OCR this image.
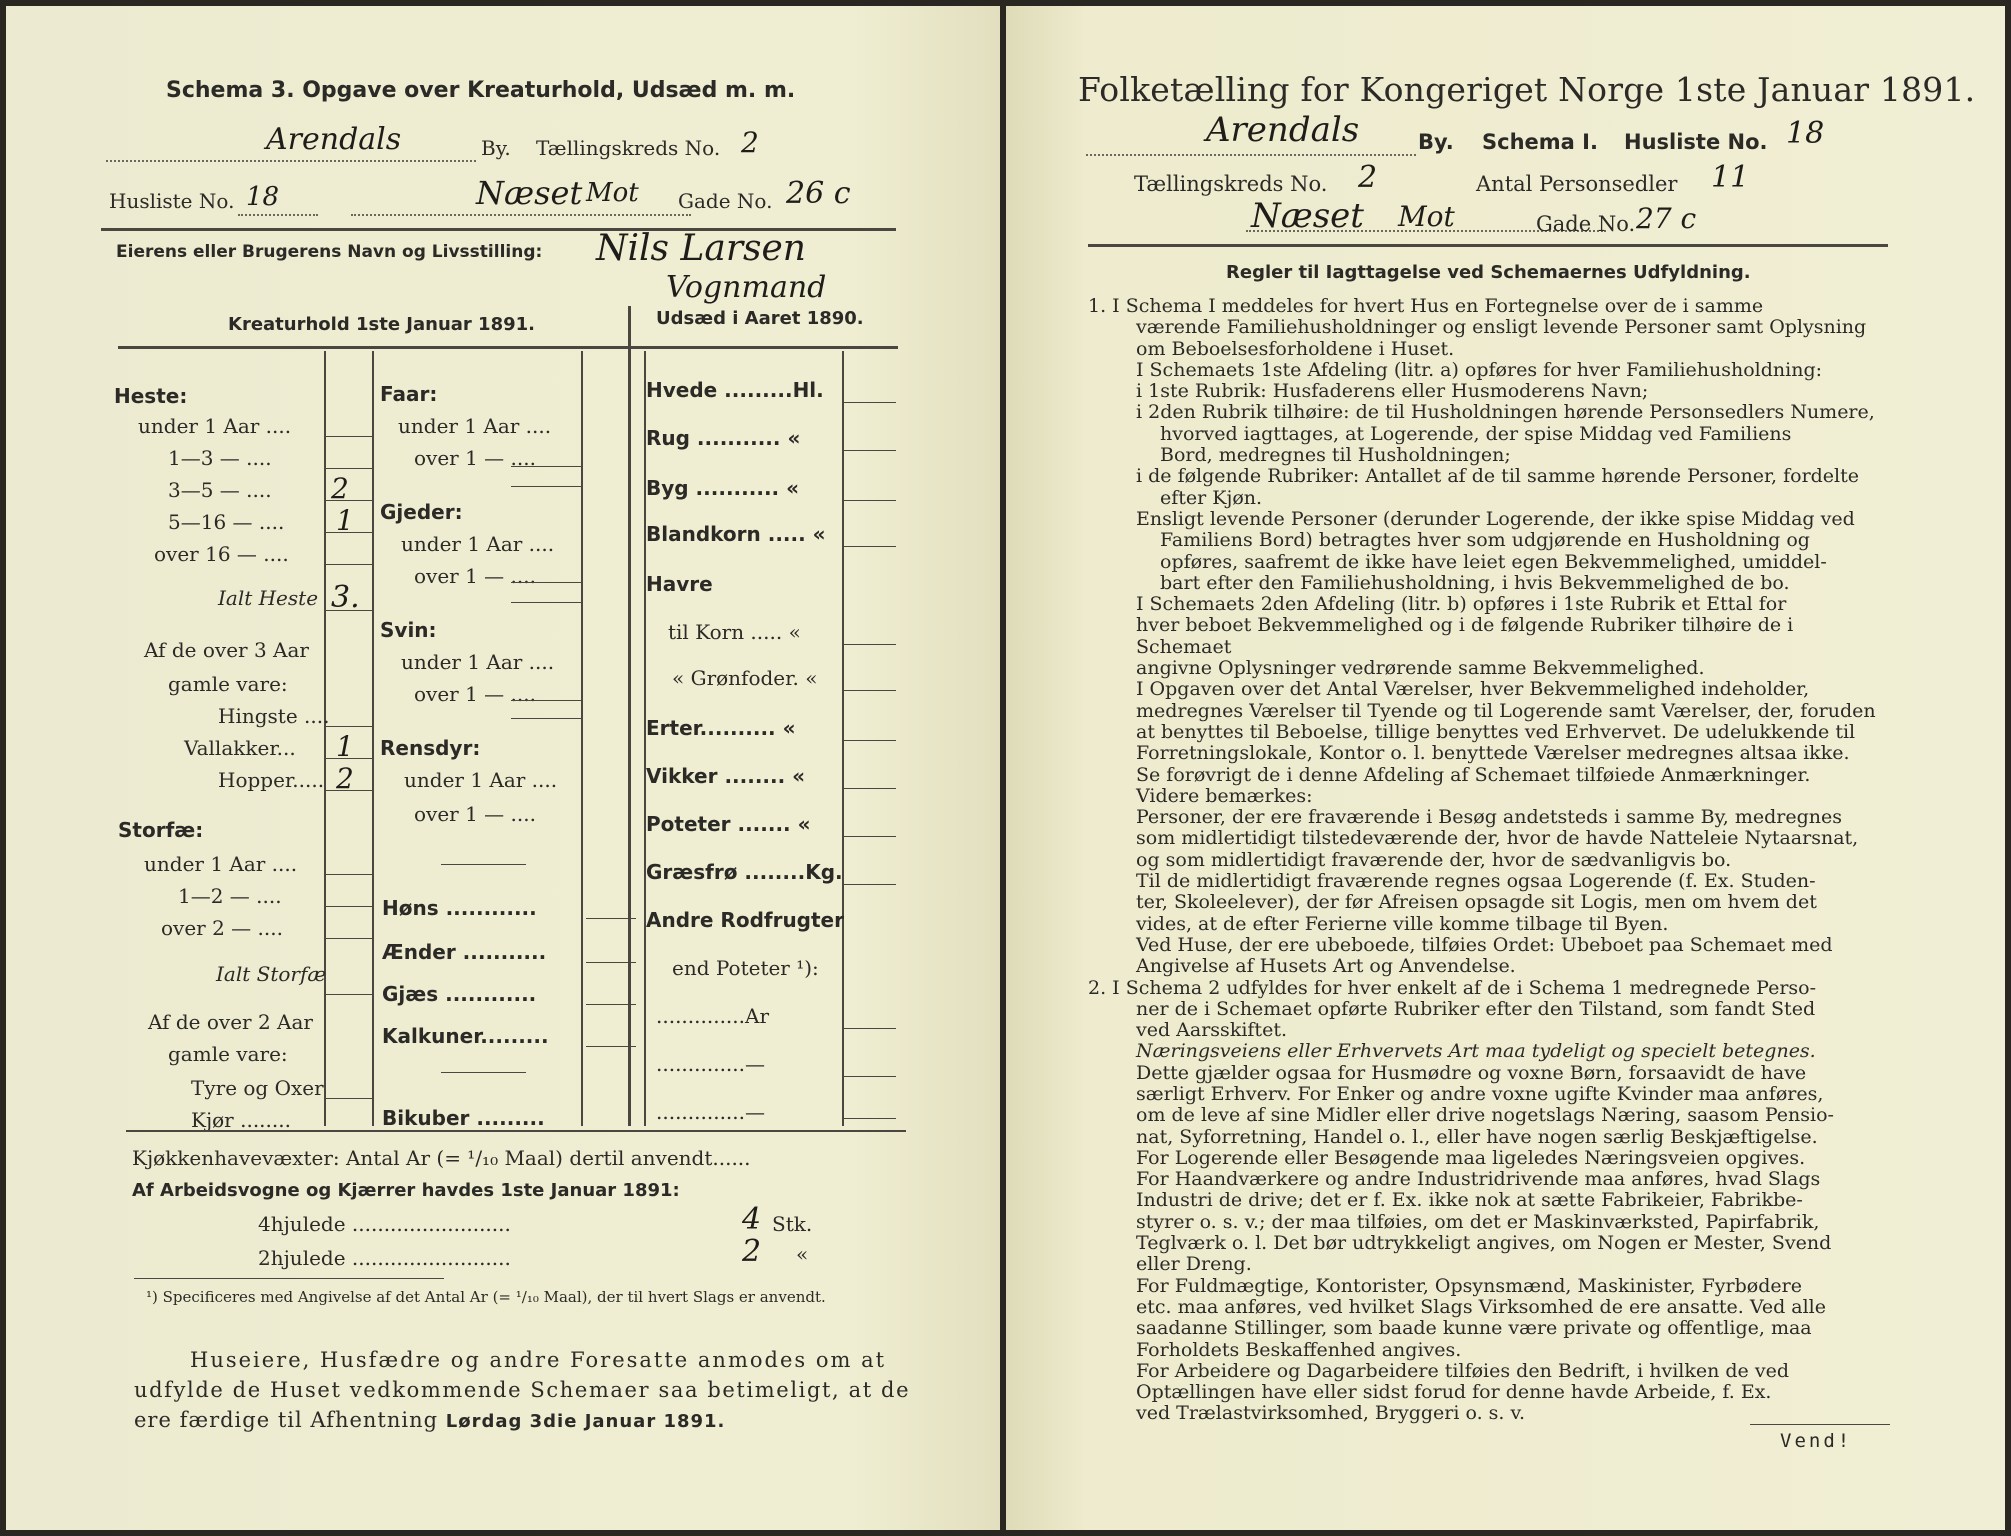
Schema 3. Opgave over Kreaturhold, Udsæd m. m.
Arendals	By. Tællingskreds No. 2
Husliste No. 18	Næset Mot Gade No. 26 c
Eierens eller Brugerens Navn og Livsstilling: Nils Larsen
Vognmand
Kreaturhold 1ste Januar 1891.	Udsæd i Aaret 1890.
Heste:
under 1 Aar ....
1—3 — ....
3—5 — .... 2
5—16 — .... 1
over 16 — ....
Ialt Heste 3.
Af de over 3 Aar
gamle vare:
Hingste ....
Vallakker... 1
Hopper..... 2
Storfæ:
under 1 Aar ....
1—2 — ....
over 2 — ....
Ialt Storfæ
Af de over 2 Aar
gamle vare:
Tyre og Oxer
Kjør ........
Faar:
under 1 Aar ....
over 1 — ....
Gjeder:
under 1 Aar ....
over 1 — ....
Svin:
under 1 Aar ....
over 1 — ....
Rensdyr:
under 1 Aar ....
over 1 — ....
Høns ............
Ænder ...........
Gjæs ............
Kalkuner.........
Bikuber .........
Hvede .........Hl.
Rug ........... «
Byg ........... «
Blandkorn ..... «
Havre
til Korn ..... «
« Grønfoder. «
Erter.......... «
Vikker ........ «
Poteter ....... «
Græsfrø ........Kg.
Andre Rodfrugter
end Poteter ¹):
..............Ar
..............—
..............—
Kjøkkenhavevæxter: Antal Ar (= ¹/₁₀ Maal) dertil anvendt......
Af Arbeidsvogne og Kjærrer havdes 1ste Januar 1891:
4hjulede .........................	4 Stk.
2hjulede .........................	2 «
¹) Specificeres med Angivelse af det Antal Ar (= ¹/₁₀ Maal), der til hvert Slags er anvendt.
Huseiere, Husfædre og andre Foresatte anmodes om at
udfylde de Huset vedkommende Schemaer saa betimeligt, at de
ere færdige til Afhentning Lørdag 3die Januar 1891.
Folketælling for Kongeriget Norge 1ste Januar 1891.
Arendals	By. Schema I. Husliste No. 18
Tællingskreds No. 2	Antal Personsedler 11
Næset Mot	Gade No. 27 c
Regler til Iagttagelse ved Schemaernes Udfyldning.

1. I Schema I meddeles for hvert Hus en Fortegnelse over de i samme

værende Familiehusholdninger og ensligt levende Personer samt Oplysning

om Beboelsesforholdene i Huset.

I Schemaets 1ste Afdeling (litr. a) opføres for hver Familiehusholdning:

i 1ste Rubrik: Husfaderens eller Husmoderens Navn;

i 2den Rubrik tilhøire: de til Husholdningen hørende Personsedlers Numere,

hvorved iagttages, at Logerende, der spise Middag ved Familiens

Bord, medregnes til Husholdningen;

i de følgende Rubriker: Antallet af de til samme hørende Personer, fordelte

efter Kjøn.

Ensligt levende Personer (derunder Logerende, der ikke spise Middag ved

Familiens Bord) betragtes hver som udgjørende en Husholdning og

opføres, saafremt de ikke have leiet egen Bekvemmelighed, umiddel-

bart efter den Familiehusholdning, i hvis Bekvemmelighed de bo.

I Schemaets 2den Afdeling (litr. b) opføres i 1ste Rubrik et Ettal for

hver beboet Bekvemmelighed og i de følgende Rubriker tilhøire de i Schemaet

angivne Oplysninger vedrørende samme Bekvemmelighed.

I Opgaven over det Antal Værelser, hver Bekvemmelighed indeholder,

medregnes Værelser til Tyende og til Logerende samt Værelser, der, foruden

at benyttes til Beboelse, tillige benyttes ved Erhvervet. De udelukkende til

Forretningslokale, Kontor o. l. benyttede Værelser medregnes altsaa ikke.

Se forøvrigt de i denne Afdeling af Schemaet tilføiede Anmærkninger.

Videre bemærkes:

Personer, der ere fraværende i Besøg andetsteds i samme By, medregnes

som midlertidigt tilstedeværende der, hvor de havde Natteleie Nytaarsnat,

og som midlertidigt fraværende der, hvor de sædvanligvis bo.

Til de midlertidigt fraværende regnes ogsaa Logerende (f. Ex. Studen-

ter, Skoleelever), der før Afreisen opsagde sit Logis, men om hvem det

vides, at de efter Ferierne ville komme tilbage til Byen.

Ved Huse, der ere ubeboede, tilføies Ordet: Ubeboet paa Schemaet med

Angivelse af Husets Art og Anvendelse.

2. I Schema 2 udfyldes for hver enkelt af de i Schema 1 medregnede Perso-

ner de i Schemaet opførte Rubriker efter den Tilstand, som fandt Sted

ved Aarsskiftet.

Næringsveiens eller Erhvervets Art maa tydeligt og specielt betegnes.

Dette gjælder ogsaa for Husmødre og voxne Børn, forsaavidt de have

særligt Erhverv. For Enker og andre voxne ugifte Kvinder maa anføres,

om de leve af sine Midler eller drive nogetslags Næring, saasom Pensio-

nat, Syforretning, Handel o. l., eller have nogen særlig Beskjæftigelse.

For Logerende eller Besøgende maa ligeledes Næringsveien opgives.

For Haandværkere og andre Industridrivende maa anføres, hvad Slags

Industri de drive; det er f. Ex. ikke nok at sætte Fabrikeier, Fabrikbe-

styrer o. s. v.; der maa tilføies, om det er Maskinværksted, Papirfabrik,

Teglværk o. l. Det bør udtrykkeligt angives, om Nogen er Mester, Svend

eller Dreng.

For Fuldmægtige, Kontorister, Opsynsmænd, Maskinister, Fyrbødere

etc. maa anføres, ved hvilket Slags Virksomhed de ere ansatte. Ved alle

saadanne Stillinger, som baade kunne være private og offentlige, maa

Forholdets Beskaffenhed angives.

For Arbeidere og Dagarbeidere tilføies den Bedrift, i hvilken de ved

Optællingen have eller sidst forud for denne havde Arbeide, f. Ex.

ved Trælastvirksomhed, Bryggeri o. s. v.

Vend!
